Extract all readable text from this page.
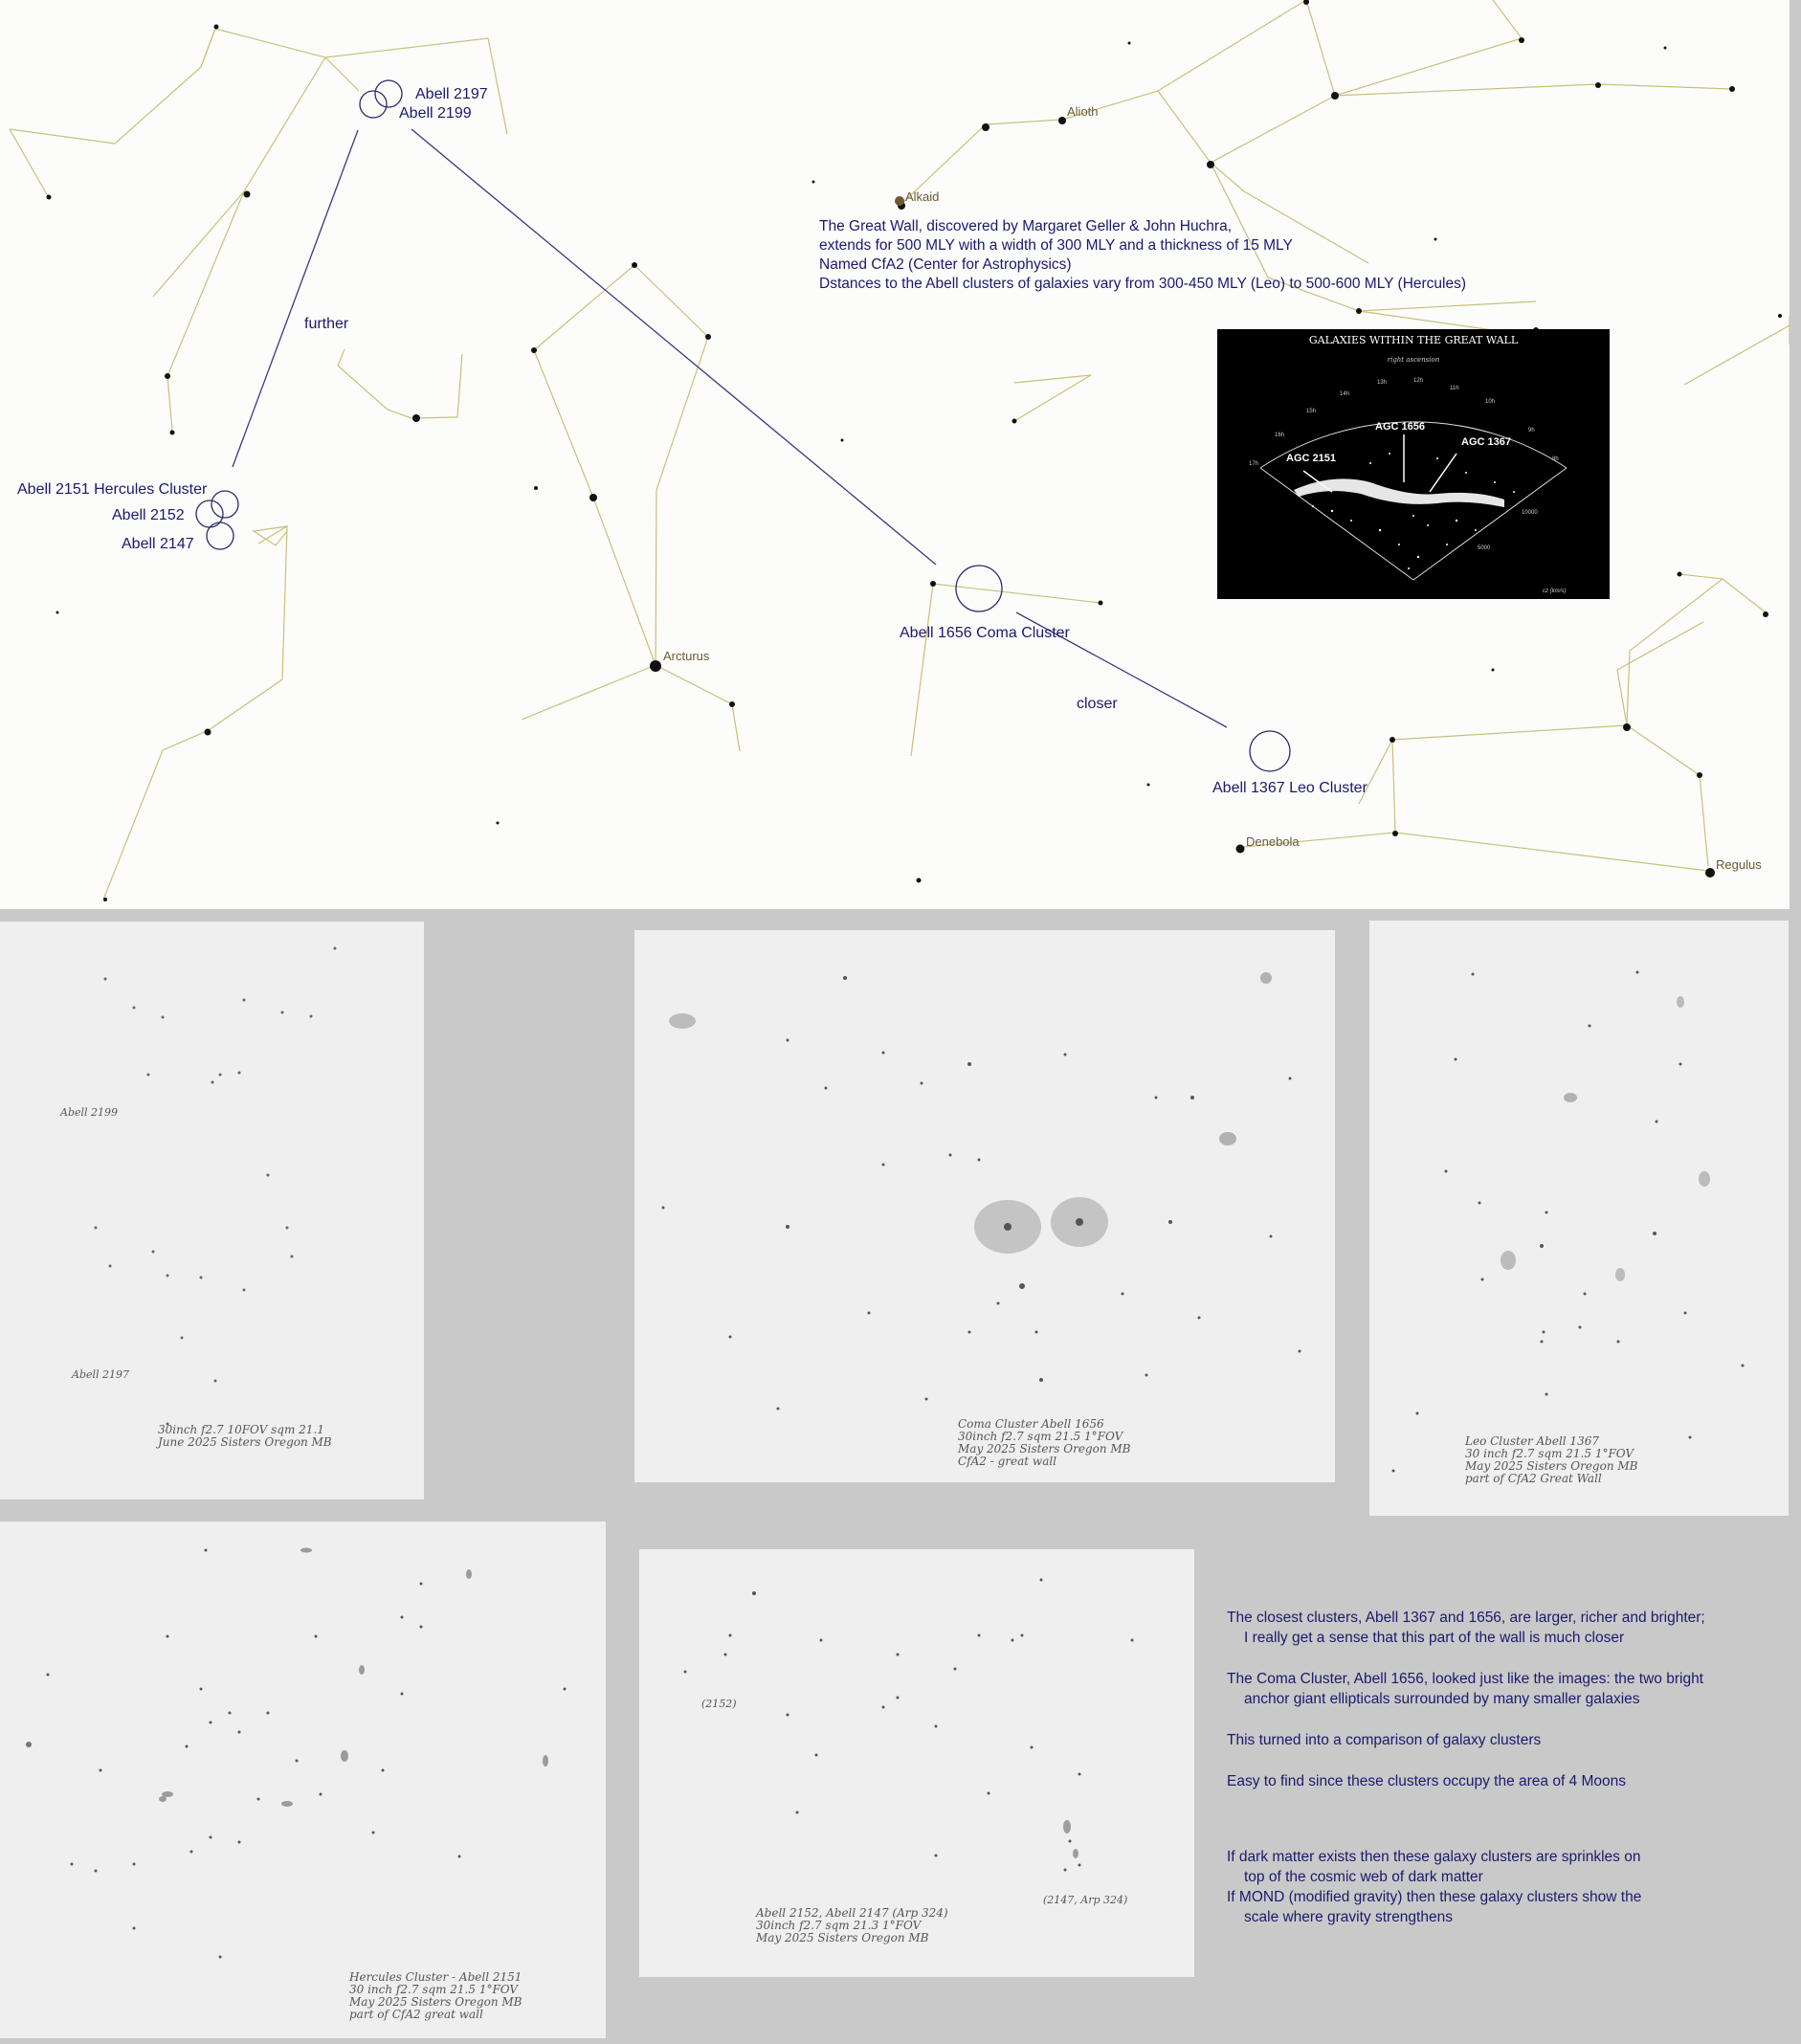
Abell 2197
Abell 2199
Abell 2151 Hercules Cluster
Abell 2152
Abell 2147
Abell 1656 Coma Cluster
Abell 1367 Leo Cluster
further
closer
Alioth
Alkaid
Arcturus
Denebola
Regulus
The Great Wall, discovered by Margaret Geller & John Huchra,
extends for 500 MLY with a width of 300 MLY and a thickness of 15 MLY
Named CfA2 (Center for Astrophysics)
Dstances to the Abell clusters of galaxies vary from 300-450 MLY (Leo) to 500-600 MLY (Hercules)
GALAXIES WITHIN THE GREAT WALL
right ascension
AGC 2151
AGC 1656
AGC 1367
17h
16h
15h
14h
13h	12h
11h
10h
9h
8h
10000
5000
cz (km/s)
Abell 2199
Abell 2197
30inch f2.7 10FOV sqm 21.1
June 2025 Sisters Oregon MB
Coma Cluster Abell 1656
30inch f2.7 sqm 21.5 1°FOV
May 2025 Sisters Oregon MB
CfA2 - great wall
Leo Cluster Abell 1367
30 inch f2.7 sqm 21.5 1°FOV
May 2025 Sisters Oregon MB
part of CfA2 Great Wall
Hercules Cluster - Abell 2151
30 inch f2.7 sqm 21.5 1°FOV
May 2025 Sisters Oregon MB
part of CfA2 great wall
(2152)
(2147, Arp 324)
Abell 2152, Abell 2147 (Arp 324)
30inch f2.7 sqm 21.3 1°FOV
May 2025 Sisters Oregon MB
The closest clusters, Abell 1367 and 1656, are larger, richer and brighter;
I really get a sense that this part of the wall is much closer
The Coma Cluster, Abell 1656, looked just like the images: the two bright
anchor giant ellipticals surrounded by many smaller galaxies
This turned into a comparison of galaxy clusters
Easy to find since these clusters occupy the area of 4 Moons
If dark matter exists then these galaxy clusters are sprinkles on
top of the cosmic web of dark matter
If MOND (modified gravity) then these galaxy clusters show the
scale where gravity strengthens
